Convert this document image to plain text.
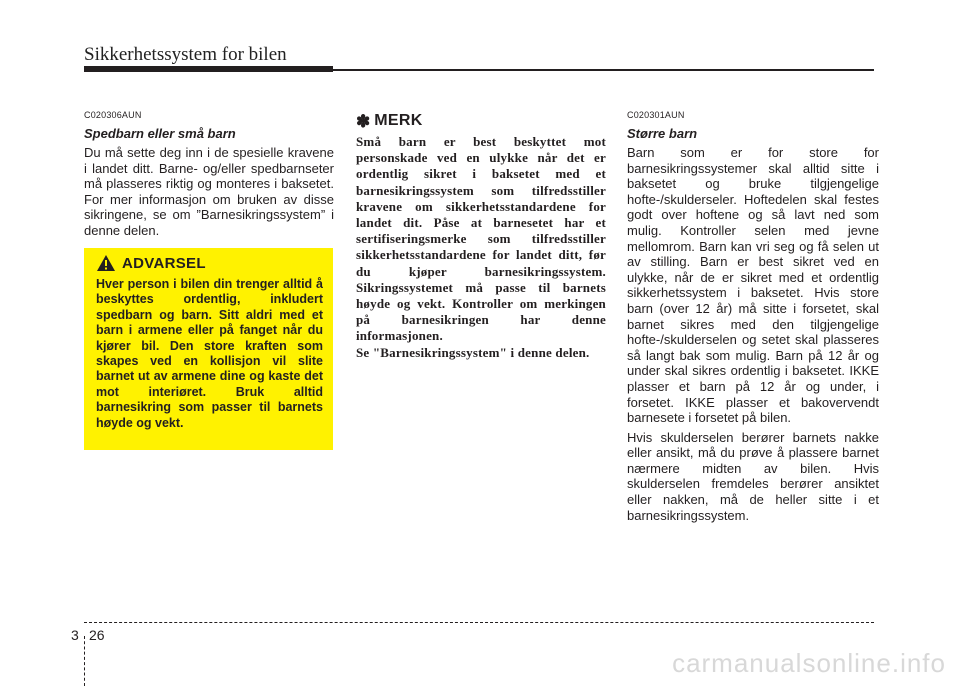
Sikkerhetssystem for bilen
C020306AUN
Spedbarn eller små barn

Du må sette deg inn i de spesielle kravene i landet ditt. Barne- og/eller spedbarnseter må plasseres riktig og monteres i baksetet. For mer informasjon om bruken av disse sikringene, se om ”Barnesikringssystem” i denne delen.

ADVARSEL

Hver person i bilen din trenger alltid å beskyttes ordentlig, inkludert spedbarn og barn. Sitt aldri med et barn i armene eller på fanget når du kjører bil. Den store kraften som skapes ved en kollisjon vil slite barnet ut av armene dine og kaste det mot interiøret. Bruk alltid barnesikring som passer til barnets høyde og vekt.

✽ MERK

Små barn er best beskyttet mot personskade ved en ulykke når det er ordentlig sikret i baksetet med et barnesikringssystem som tilfredsstiller kravene om sikkerhetsstandardene for landet dit. Påse at barnesetet har et sertifiseringsmerke som tilfredsstiller sikkerhetsstandardene for landet ditt, før du kjøper barnesikringssystem. Sikringssystemet må passe til barnets høyde og vekt. Kontroller om merkingen på barnesikringen har denne informasjonen.

Se "Barnesikringssystem" i denne delen.

C020301AUN
Større barn

Barn som er for store for barnesikringssystemer skal alltid sitte i baksetet og bruke tilgjengelige hofte-/skulderseler. Hoftedelen skal festes godt over hoftene og så lavt ned som mulig. Kontroller selen med jevne mellomrom. Barn kan vri seg og få selen ut av stilling. Barn er best sikret ved en ulykke, når de er sikret med et ordentlig sikkerhetssystem i baksetet. Hvis store barn (over 12 år) må sitte i forsetet, skal barnet sikres med den tilgjengelige hofte-/skulderselen og setet skal plasseres så langt bak som mulig. Barn på 12 år og under skal sikres ordentlig i baksetet. IKKE plasser et barn på 12 år og under, i forsetet. IKKE plasser et bakovervendt barnesete i forsetet på bilen.

Hvis skulderselen berører barnets nakke eller ansikt, må du prøve å plassere barnet nærmere midten av bilen. Hvis skulderselen fremdeles berører ansiktet eller nakken, må de heller sitte i et barnesikringssystem.

3 26
carmanualsonline.info
